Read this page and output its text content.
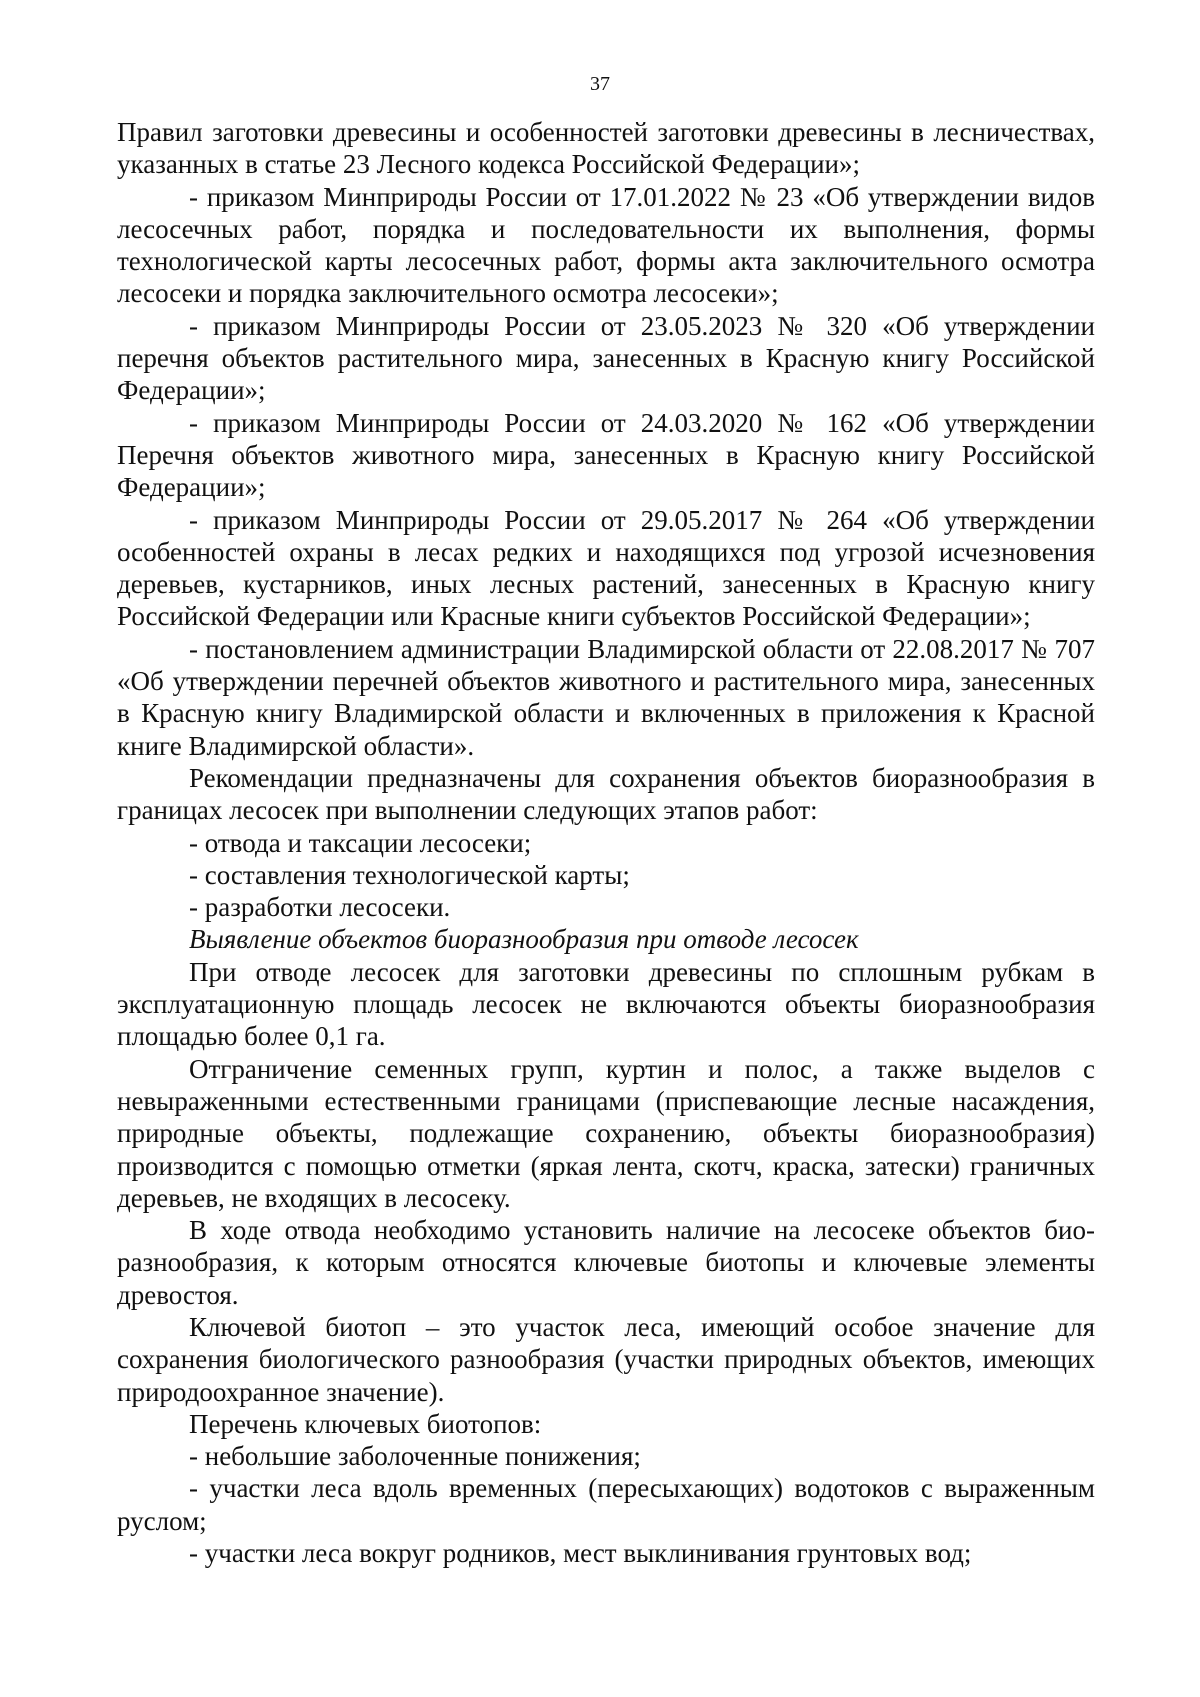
37

Правил заготовки древесины и особенностей заготовки древесины в лесничествах, указанных в статье 23 Лесного кодекса Российской Федерации»;

- приказом Минприроды России от 17.01.2022 № 23 «Об утверждении видов лесосечных работ, порядка и последовательности их выполнения, формы технологической карты лесосечных работ, формы акта заключительного осмотра лесосеки и порядка заключительного осмотра лесосеки»;

- приказом Минприроды России от 23.05.2023 № 320 «Об утверждении перечня объектов растительного мира, занесенных в Красную книгу Российской Федерации»;

- приказом Минприроды России от 24.03.2020 № 162 «Об утверждении Перечня объектов животного мира, занесенных в Красную книгу Российской Федерации»;

- приказом Минприроды России от 29.05.2017 № 264 «Об утверждении особенностей охраны в лесах редких и находящихся под угрозой исчезновения деревьев, кустарников, иных лесных растений, занесенных в Красную книгу Российской Федерации или Красные книги субъектов Российской Федерации»;

- постановлением администрации Владимирской области от 22.08.2017 № 707 «Об утверждении перечней объектов животного и растительного мира, занесенных в Красную книгу Владимирской области и включенных в приложения к Красной книге Владимирской области».

Рекомендации предназначены для сохранения объектов биоразнообразия в границах лесосек при выполнении следующих этапов работ:

- отвода и таксации лесосеки;

- составления технологической карты;

- разработки лесосеки.

Выявление объектов биоразнообразия при отводе лесосек

При отводе лесосек для заготовки древесины по сплошным рубкам в эксплуатационную площадь лесосек не включаются объекты биоразнообразия площадью более 0,1 га.

Отграничение семенных групп, куртин и полос, а также выделов с невыраженными естественными границами (приспевающие лесные насаждения, природные объекты, подлежащие сохранению, объекты биоразнообразия) производится с помощью отметки (яркая лента, скотч, краска, затески) граничных деревьев, не входящих в лесосеку.

В ходе отвода необходимо установить наличие на лесосеке объектов био-разнообразия, к которым относятся ключевые биотопы и ключевые элементы древостоя.

Ключевой биотоп – это участок леса, имеющий особое значение для сохранения биологического разнообразия (участки природных объектов, имеющих природоохранное значение).

Перечень ключевых биотопов:

- небольшие заболоченные понижения;

- участки леса вдоль временных (пересыхающих) водотоков с выраженным руслом;

- участки леса вокруг родников, мест выклинивания грунтовых вод;
